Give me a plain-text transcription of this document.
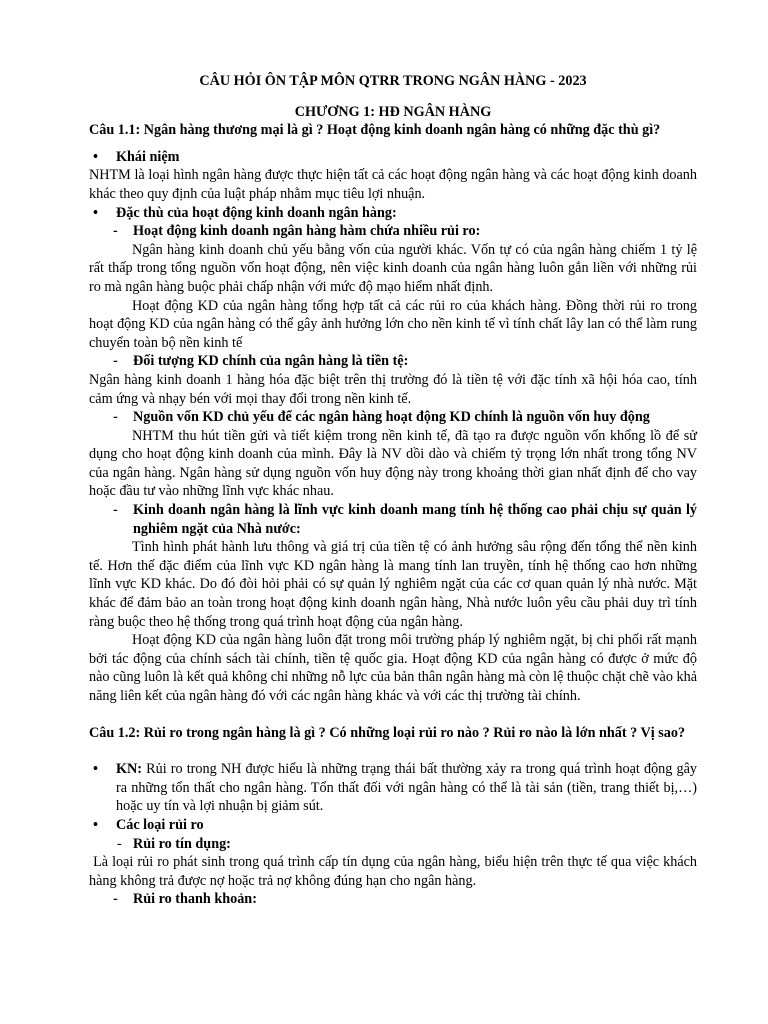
CÂU HỎI ÔN TẬP MÔN QTRR TRONG NGÂN HÀNG - 2023
CHƯƠNG 1: HĐ NGÂN HÀNG
Câu 1.1: Ngân hàng thương mại là gì ? Hoạt động kinh doanh ngân hàng có những đặc thù gì?
• Khái niệm
NHTM là loại hình ngân hàng được thực hiện tất cả các hoạt động ngân hàng và các hoạt động kinh doanh khác theo quy định của luật pháp nhằm mục tiêu lợi nhuận.
• Đặc thù của hoạt động kinh doanh ngân hàng:
- Hoạt động kinh doanh ngân hàng hàm chứa nhiều rủi ro:
Ngân hàng kinh doanh chủ yếu bằng vốn của người khác. Vốn tự có của ngân hàng chiếm 1 tỷ lệ rất thấp trong tổng nguồn vốn hoạt động, nên việc kinh doanh của ngân hàng luôn gắn liền với những rủi ro mà ngân hàng buộc phải chấp nhận với mức độ mạo hiểm nhất định.
Hoạt động KD của ngân hàng tổng hợp tất cả các rủi ro của khách hàng. Đồng thời rủi ro trong hoạt động KD của ngân hàng có thể gây ảnh hưởng lớn cho nền kinh tế vì tính chất lây lan có thể làm rung chuyển toàn bộ nền kinh tế
- Đối tượng KD chính của ngân hàng là tiền tệ:
Ngân hàng kinh doanh 1 hàng hóa đặc biệt trên thị trường đó là tiền tệ với đặc tính xã hội hóa cao, tính cảm ứng và nhạy bén với mọi thay đổi trong nền kinh tế.
- Nguồn vốn KD chủ yếu để các ngân hàng hoạt động KD chính là nguồn vốn huy động
NHTM thu hút tiền gửi và tiết kiệm trong nền kinh tế, đã tạo ra được nguồn vốn khổng lồ để sử dụng cho hoạt động kinh doanh của mình. Đây là NV dồi dào và chiếm tỷ trọng lớn nhất trong tổng NV của ngân hàng. Ngân hàng sử dụng nguồn vốn huy động này trong khoảng thời gian nhất định để cho vay hoặc đầu tư vào những lĩnh vực khác nhau.
- Kinh doanh ngân hàng là lĩnh vực kinh doanh mang tính hệ thống cao phải chịu sự quản lý nghiêm ngặt của Nhà nước:
Tình hình phát hành lưu thông và giá trị của tiền tệ có ảnh hưởng sâu rộng đến tổng thể nền kinh tế. Hơn thế đặc điểm của lĩnh vực KD ngân hàng là mang tính lan truyền, tính hệ thống cao hơn những lĩnh vực KD khác. Do đó đòi hỏi phải có sự quản lý nghiêm ngặt của các cơ quan quản lý nhà nước. Mặt khác để đảm bảo an toàn trong hoạt động kinh doanh ngân hàng, Nhà nước luôn yêu cầu phải duy trì tính ràng buộc theo hệ thống trong quá trình hoạt động của ngân hàng.
Hoạt động KD của ngân hàng luôn đặt trong môi trường pháp lý nghiêm ngặt, bị chi phối rất mạnh bởi tác động của chính sách tài chính, tiền tệ quốc gia. Hoạt động KD của ngân hàng có được ở mức độ nào cũng luôn là kết quả không chỉ những nỗ lực của bản thân ngân hàng mà còn lệ thuộc chặt chẽ vào khả năng liên kết của ngân hàng đó với các ngân hàng khác và với các thị trường tài chính.
Câu 1.2: Rủi ro trong ngân hàng là gì ? Có những loại rủi ro nào ? Rủi ro nào là lớn nhất ? Vị sao?
• KN: Rủi ro trong NH được hiểu là những trạng thái bất thường xảy ra trong quá trình hoạt động gây ra những tổn thất cho ngân hàng. Tổn thất đối với ngân hàng có thể là tài sản (tiền, trang thiết bị,…) hoặc uy tín và lợi nhuận bị giảm sút.
• Các loại rủi ro
- Rủi ro tín dụng:
Là loại rủi ro phát sinh trong quá trình cấp tín dụng của ngân hàng, biểu hiện trên thực tế qua việc khách hàng không trả được nợ hoặc trả nợ không đúng hạn cho ngân hàng.
- Rủi ro thanh khoản:
